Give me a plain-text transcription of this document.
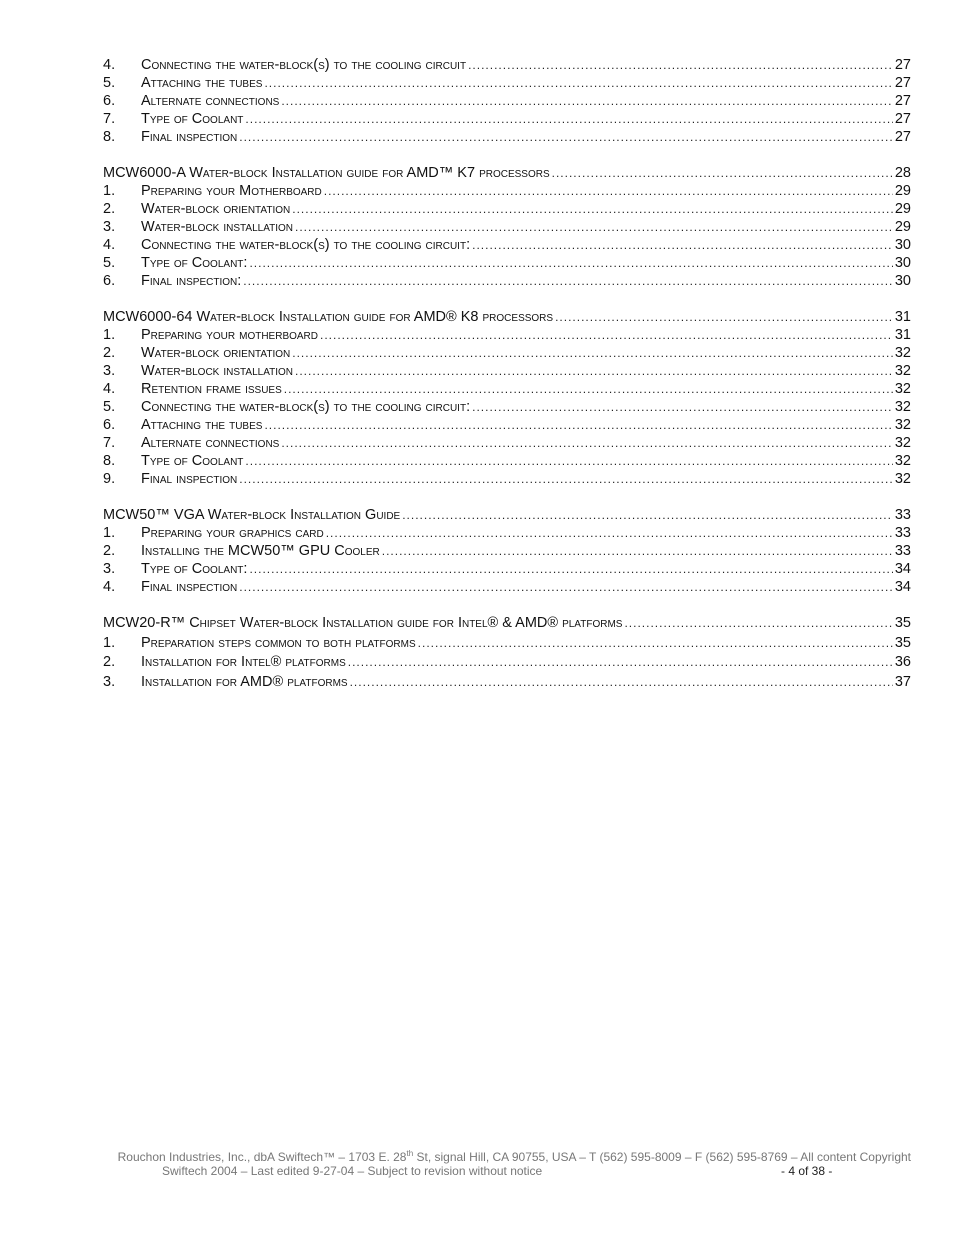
4.	Connecting the water-block(s) to the cooling circuit .....	27
5.	Attaching the tubes .....	27
6.	Alternate connections .....	27
7.	Type of Coolant .....	27
8.	Final inspection .....	27
MCW6000-A Water-block Installation guide for AMD™ K7 processors .....	28
1.	Preparing your Motherboard .....	29
2.	Water-block orientation .....	29
3.	Water-block installation .....	29
4.	Connecting the water-block(s) to the cooling circuit: .....	30
5.	Type of Coolant: .....	30
6.	Final inspection: .....	30
MCW6000-64 Water-block Installation guide for AMD® K8 processors .....	31
1.	Preparing your motherboard .....	31
2.	Water-block orientation .....	32
3.	Water-block installation .....	32
4.	Retention frame issues .....	32
5.	Connecting the water-block(s) to the cooling circuit: .....	32
6.	Attaching the tubes .....	32
7.	Alternate connections .....	32
8.	Type of Coolant .....	32
9.	Final inspection .....	32
MCW50™ VGA Water-block Installation Guide .....	33
1.	Preparing your graphics card .....	33
2.	Installing the MCW50™ GPU Cooler .....	33
3.	Type of Coolant: .....	34
4.	Final inspection .....	34
MCW20-R™ Chipset Water-block Installation guide for Intel® & AMD® platforms .....	35
1.	Preparation steps common to both platforms .....	35
2.	Installation for Intel® platforms .....	36
3.	Installation for AMD® platforms .....	37
Rouchon Industries, Inc., dbA Swiftech™ – 1703 E. 28th St, signal Hill, CA 90755, USA – T (562) 595-8009 – F (562) 595-8769 – All content Copyright
Swiftech 2004 – Last edited 9-27-04 – Subject to revision without notice	- 4 of 38 -
